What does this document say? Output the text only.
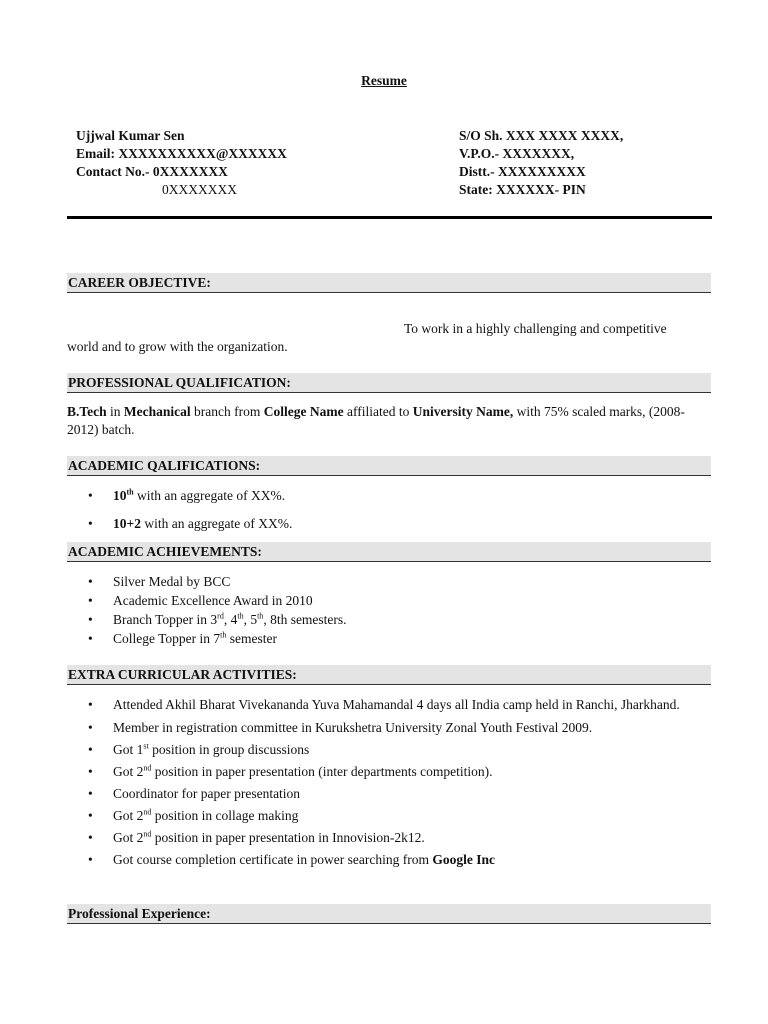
Resume
Ujjwal Kumar Sen
Email: XXXXXXXXXX@XXXXXX
Contact No.- 0XXXXXXX
0XXXXXXX
S/O Sh. XXX XXXX XXXX,
V.P.O.- XXXXXXX,
Distt.- XXXXXXXXX
State: XXXXXX- PIN
CAREER OBJECTIVE:
To work in a highly challenging and competitive
world and to grow with the organization.
PROFESSIONAL QUALIFICATION:
B.Tech in Mechanical branch from College Name affiliated to University Name, with 75% scaled marks, (2008-2012) batch.
ACADEMIC QALIFICATIONS:
• 10th with an aggregate of XX%.
• 10+2 with an aggregate of XX%.
ACADEMIC ACHIEVEMENTS:
• Silver Medal by BCC
• Academic Excellence Award in 2010
• Branch Topper in 3rd, 4th, 5th, 8th semesters.
• College Topper in 7th semester
EXTRA CURRICULAR ACTIVITIES:
• Attended Akhil Bharat Vivekananda Yuva Mahamandal 4 days all India camp held in Ranchi, Jharkhand.
• Member in registration committee in Kurukshetra University Zonal Youth Festival 2009.
• Got 1st position in group discussions
• Got 2nd position in paper presentation (inter departments competition).
• Coordinator for paper presentation
• Got 2nd position in collage making
• Got 2nd position in paper presentation in Innovision-2k12.
• Got course completion certificate in power searching from Google Inc
Professional Experience:
